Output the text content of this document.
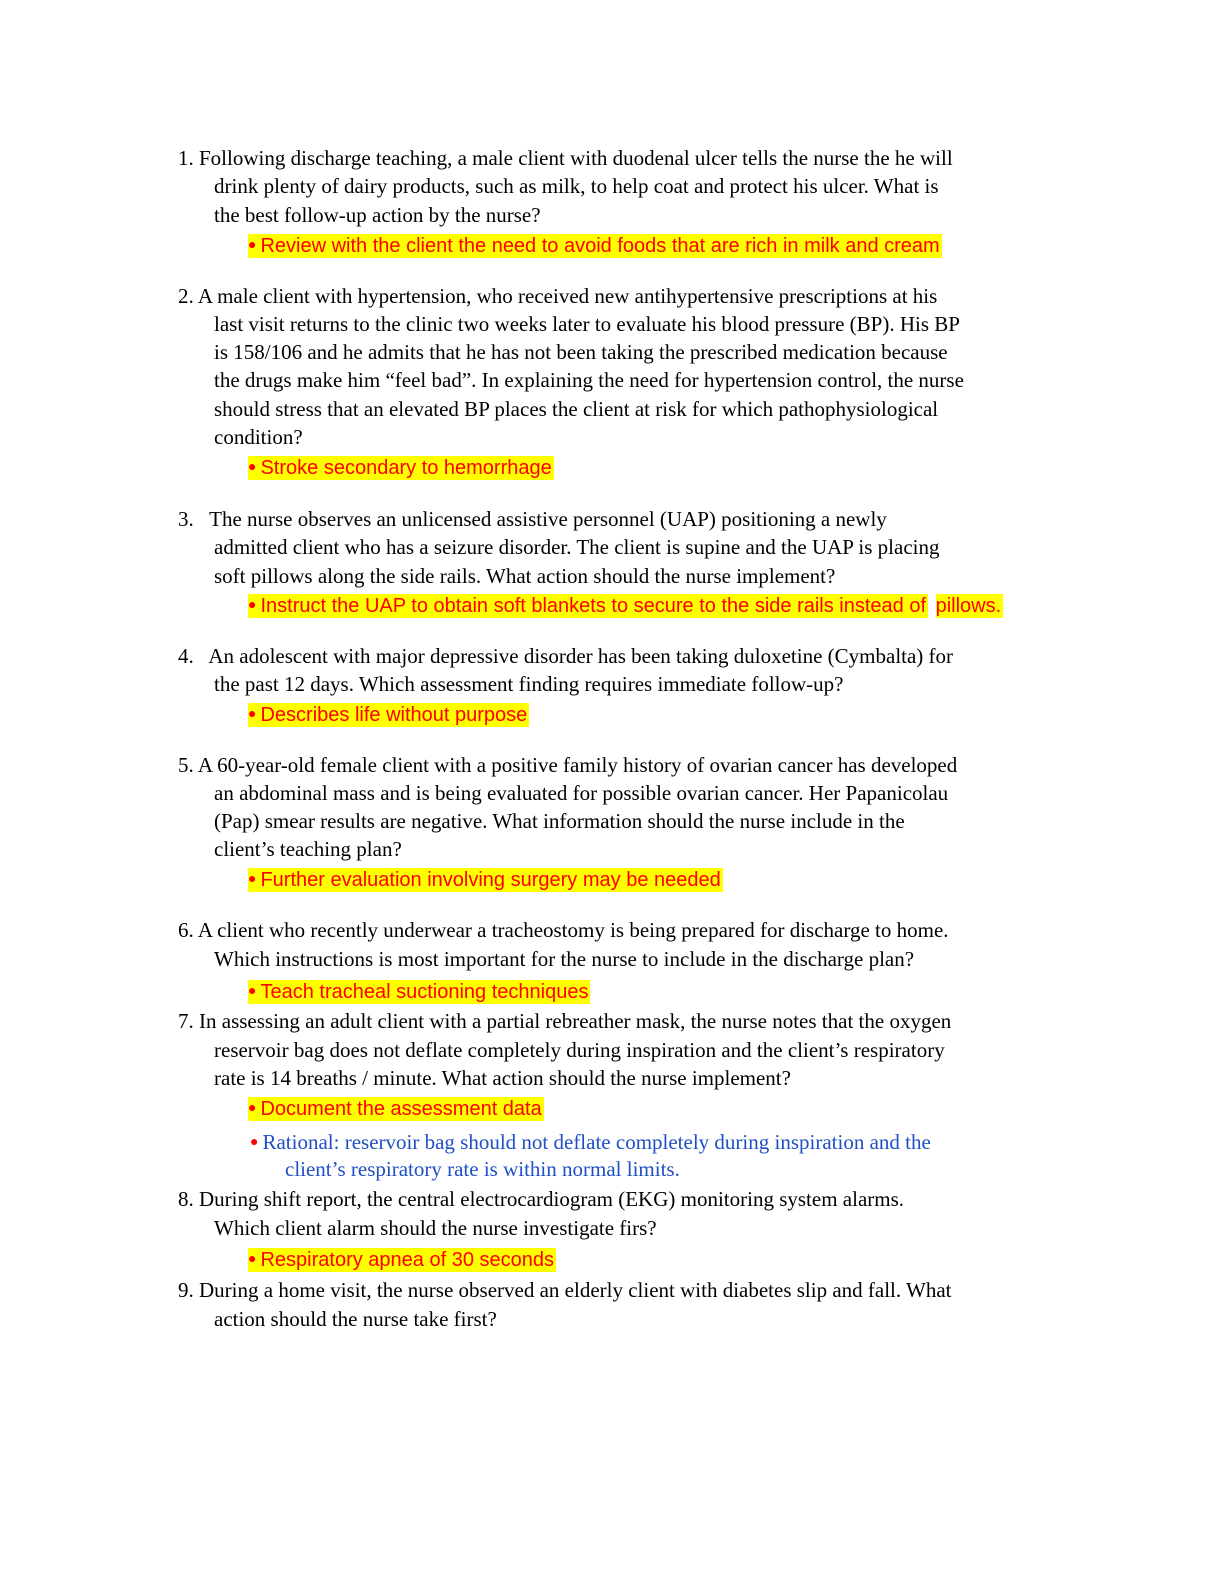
1. Following discharge teaching, a male client with duodenal ulcer tells the nurse the he will
drink plenty of dairy products, such as milk, to help coat and protect his ulcer. What is
the best follow-up action by the nurse?
● Review with the client the need to avoid foods that are rich in milk and cream
2. A male client with hypertension, who received new antihypertensive prescriptions at his
last visit returns to the clinic two weeks later to evaluate his blood pressure (BP). His BP
is 158/106 and he admits that he has not been taking the prescribed medication because
the drugs make him “feel bad”. In explaining the need for hypertension control, the nurse
should stress that an elevated BP places the client at risk for which pathophysiological
condition?
● Stroke secondary to hemorrhage
3.   The nurse observes an unlicensed assistive personnel (UAP) positioning a newly
admitted client who has a seizure disorder. The client is supine and the UAP is placing
soft pillows along the side rails. What action should the nurse implement?
● Instruct the UAP to obtain soft blankets to secure to the side rails instead of pillows.
4.   An adolescent with major depressive disorder has been taking duloxetine (Cymbalta) for
the past 12 days. Which assessment finding requires immediate follow-up?
● Describes life without purpose
5. A 60-year-old female client with a positive family history of ovarian cancer has developed
an abdominal mass and is being evaluated for possible ovarian cancer. Her Papanicolau
(Pap) smear results are negative. What information should the nurse include in the
client’s teaching plan?
● Further evaluation involving surgery may be needed
6. A client who recently underwear a tracheostomy is being prepared for discharge to home.
Which instructions is most important for the nurse to include in the discharge plan?
● Teach tracheal suctioning techniques
7. In assessing an adult client with a partial rebreather mask, the nurse notes that the oxygen
reservoir bag does not deflate completely during inspiration and the client’s respiratory
rate is 14 breaths / minute. What action should the nurse implement?
● Document the assessment data
● Rational: reservoir bag should not deflate completely during inspiration and the
client’s respiratory rate is within normal limits.
8. During shift report, the central electrocardiogram (EKG) monitoring system alarms.
Which client alarm should the nurse investigate firs?
● Respiratory apnea of 30 seconds
9. During a home visit, the nurse observed an elderly client with diabetes slip and fall. What
action should the nurse take first?
